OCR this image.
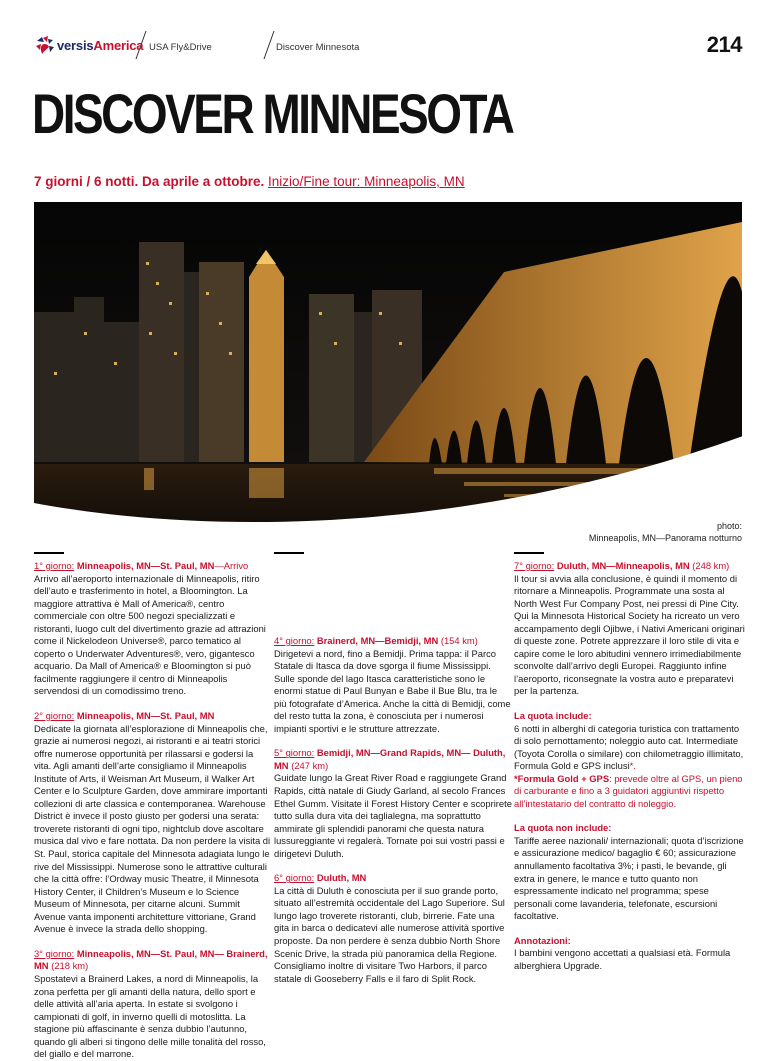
versisAmerica USA Fly&Drive	Discover Minnesota	214
DISCOVER MINNESOTA
7 giorni / 6 notti. Da aprile a ottobre. Inizio/Fine tour: Minneapolis, MN
photo:
Minneapolis, MN—Panorama notturno

1° giorno: Minneapolis, MN—St. Paul, MN—Arrivo
Arrivo all’aeroporto internazionale di Minneapolis, ritiro dell’auto e trasferimento in hotel, a Bloomington. La maggiore attrattiva è Mall of America®, centro commerciale con oltre 500 negozi specializzati e ristoranti, luogo cult del divertimento grazie ad attrazioni come il Nickelodeon Universe®, parco tematico al coperto o Underwater Adventures®, vero, gigantesco acquario. Da Mall of America® e Bloomington si può facilmente raggiungere il centro di Minneapolis servendosi di un comodissimo treno.

2° giorno: Minneapolis, MN—St. Paul, MN
Dedicate la giornata all’esplorazione di Minneapolis che, grazie ai numerosi negozi, ai ristoranti e ai teatri storici offre numerose opportunità per rilassarsi e godersi la vita. Agli amanti dell’arte consigliamo il Minneapolis Institute of Arts, il Weisman Art Museum, il Walker Art Center e lo Sculpture Garden, dove ammirare importanti collezioni di arte classica e contemporanea. Warehouse District è invece il posto giusto per godersi una serata: troverete ristoranti di ogni tipo, nightclub dove ascoltare musica dal vivo e fare nottata. Da non perdere la visita di St. Paul, storica capitale del Minnesota adagiata lungo le rive del Mississippi. Numerose sono le attrattive culturali che la città offre: l’Ordway music Theatre, il Minnesota History Center, il Children’s Museum e lo Science Museum of Minnesota, per citarne alcuni. Summit Avenue vanta imponenti architetture vittoriane, Grand Avenue è invece la strada dello shopping.

3° giorno: Minneapolis, MN—St. Paul, MN— Brainerd, MN (218 km)
Spostatevi a Brainerd Lakes, a nord di Minneapolis, la zona perfetta per gli amanti della natura, dello sport e delle attività all’aria aperta. In estate si svolgono i campionati di golf, in inverno quelli di motoslitta. La stagione più affascinante è senza dubbio l’autunno, quando gli alberi si tingono delle mille tonalità del rosso, del giallo e del marrone.

4° giorno: Brainerd, MN—Bemidji, MN (154 km)
Dirigetevi a nord, fino a Bemidji. Prima tappa: il Parco Statale di Itasca da dove sgorga il fiume Mississippi. Sulle sponde del lago Itasca caratteristiche sono le enormi statue di Paul Bunyan e Babe il Bue Blu, tra le più fotografate d’America. Anche la città di Bemidji, come del resto tutta la zona, è conosciuta per i numerosi impianti sportivi e le strutture attrezzate.

5° giorno: Bemidji, MN—Grand Rapids, MN— Duluth, MN (247 km)
Guidate lungo la Great River Road e raggiungete Grand Rapids, città natale di Giudy Garland, al secolo Frances Ethel Gumm. Visitate il Forest History Center e scoprirete tutto sulla dura vita dei taglialegna, ma soprattutto ammirate gli splendidi panorami che questa natura lussureggiante vi regalerà. Tornate poi sui vostri passi e dirigetevi Duluth.

6° giorno: Duluth, MN
La città di Duluth è conosciuta per il suo grande porto, situato all’estremità occidentale del Lago Superiore. Sul lungo lago troverete ristoranti, club, birrerie. Fate una gita in barca o dedicatevi alle numerose attività sportive proposte. Da non perdere è senza dubbio North Shore Scenic Drive, la strada più panoramica della Regione. Consigliamo inoltre di visitare Two Harbors, il parco statale di Gooseberry Falls e il faro di Split Rock.

7° giorno: Duluth, MN—Minneapolis, MN (248 km)
Il tour si avvia alla conclusione, è quindi il momento di ritornare a Minneapolis. Programmate una sosta al North West Fur Company Post, nei pressi di Pine City. Qui la Minnesota Historical Society ha ricreato un vero accampamento degli Ojibwe, i Nativi Americani originari di queste zone. Potrete apprezzare il loro stile di vita e capire come le loro abitudini vennero irrimediabilmente sconvolte dall’arrivo degli Europei. Raggiunto infine l’aeroporto, riconsegnate la vostra auto e preparatevi per la partenza.

La quota include:
6 notti in alberghi di categoria turistica con trattamento di solo pernottamento; noleggio auto cat. Intermediate (Toyota Corolla o similare) con chilometraggio illimitato, Formula Gold e GPS inclusi*.
*Formula Gold + GPS: prevede oltre al GPS, un pieno di carburante e fino a 3 guidatori aggiuntivi rispetto all’intestatario del contratto di noleggio.

La quota non include:
Tariffe aeree nazionali/ internazionali; quota d’iscrizione e assicurazione medico/ bagaglio € 60; assicurazione annullamento facoltativa 3%; i pasti, le bevande, gli extra in genere, le mance e tutto quanto non espressamente indicato nel programma; spese personali come lavanderia, telefonate, escursioni facoltative.

Annotazioni:
I bambini vengono accettati a qualsiasi età. Formula alberghiera Upgrade.
